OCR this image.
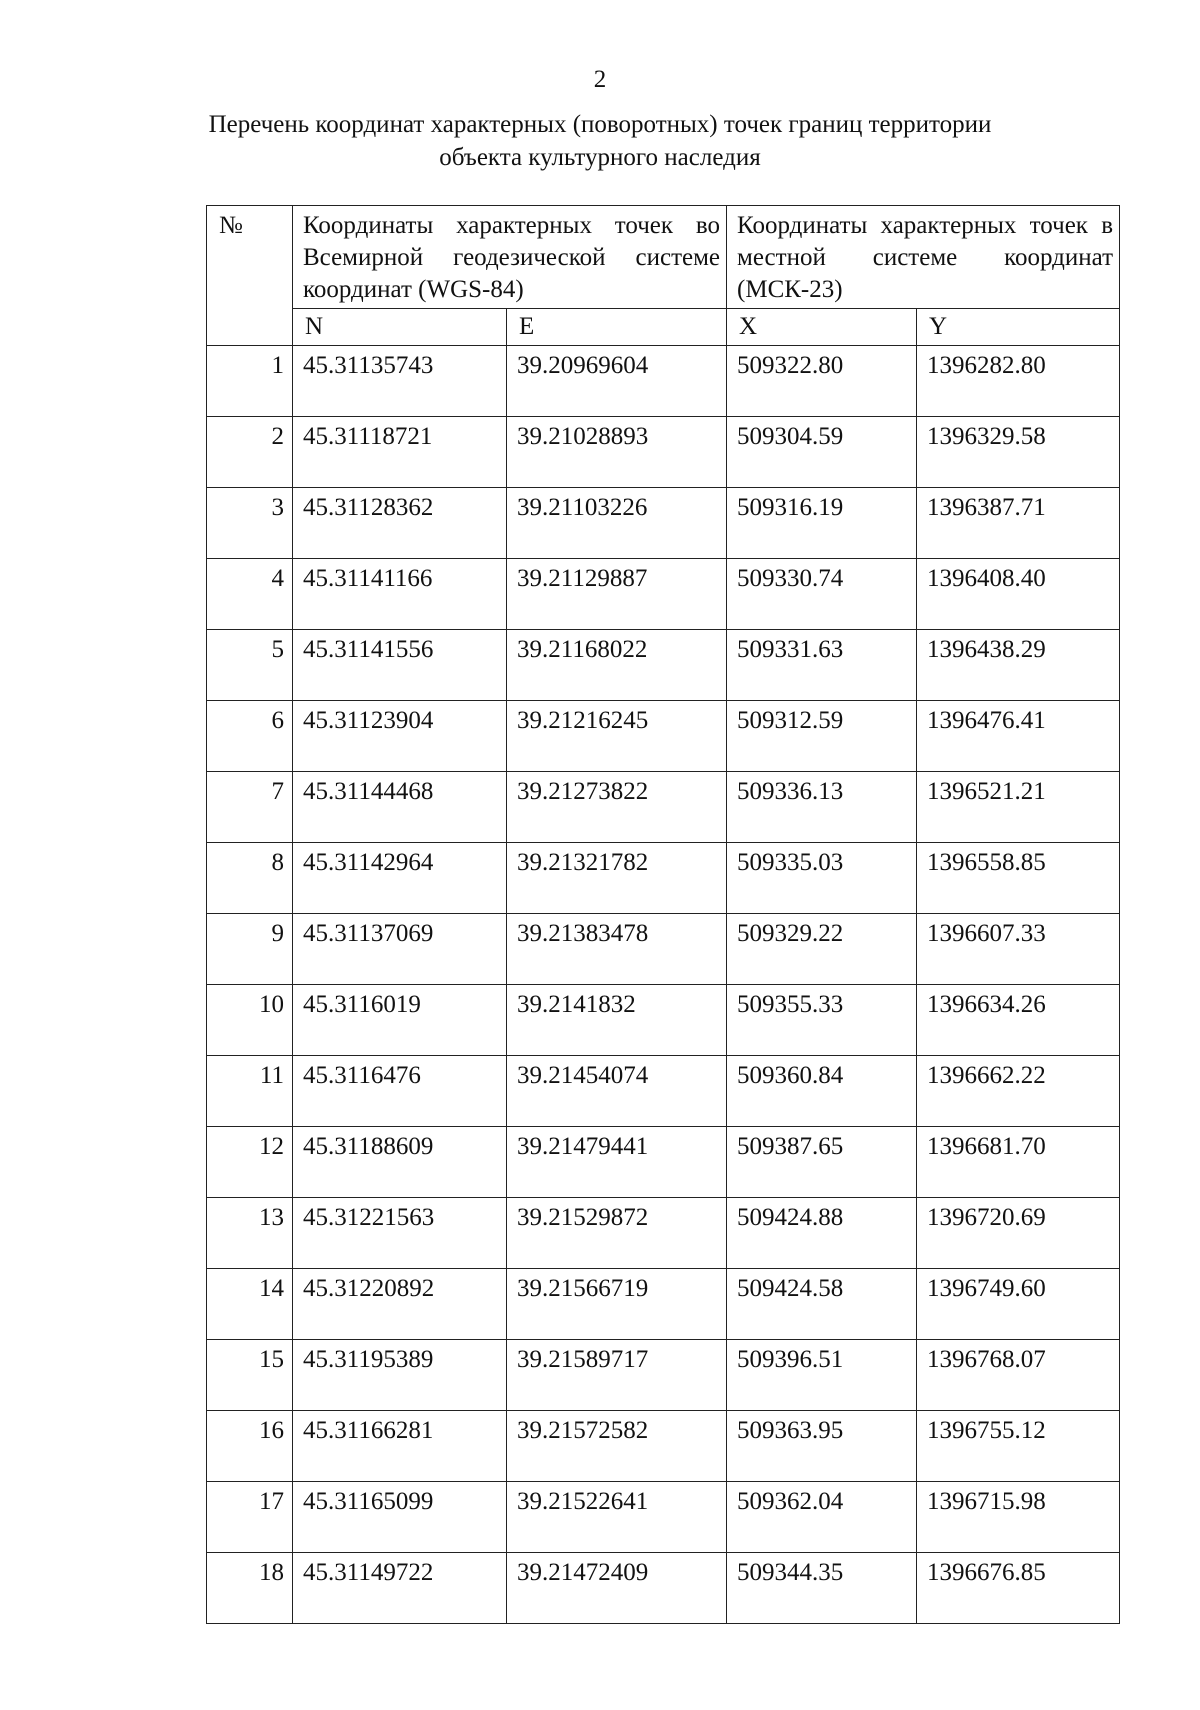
2
Перечень координат характерных (поворотных) точек границ территории
объекта культурного наследия
№	Координаты характерных точек во Всемирной геодезической системе координат (WGS-84)		Координаты характерных точек в местной системе координат (МСК-23)	
	N	E	X	Y
1	45.31135743	39.20969604	509322.80	1396282.80
2	45.31118721	39.21028893	509304.59	1396329.58
3	45.31128362	39.21103226	509316.19	1396387.71
4	45.31141166	39.21129887	509330.74	1396408.40
5	45.31141556	39.21168022	509331.63	1396438.29
6	45.31123904	39.21216245	509312.59	1396476.41
7	45.31144468	39.21273822	509336.13	1396521.21
8	45.31142964	39.21321782	509335.03	1396558.85
9	45.31137069	39.21383478	509329.22	1396607.33
10	45.3116019	39.2141832	509355.33	1396634.26
11	45.3116476	39.21454074	509360.84	1396662.22
12	45.31188609	39.21479441	509387.65	1396681.70
13	45.31221563	39.21529872	509424.88	1396720.69
14	45.31220892	39.21566719	509424.58	1396749.60
15	45.31195389	39.21589717	509396.51	1396768.07
16	45.31166281	39.21572582	509363.95	1396755.12
17	45.31165099	39.21522641	509362.04	1396715.98
18	45.31149722	39.21472409	509344.35	1396676.85
